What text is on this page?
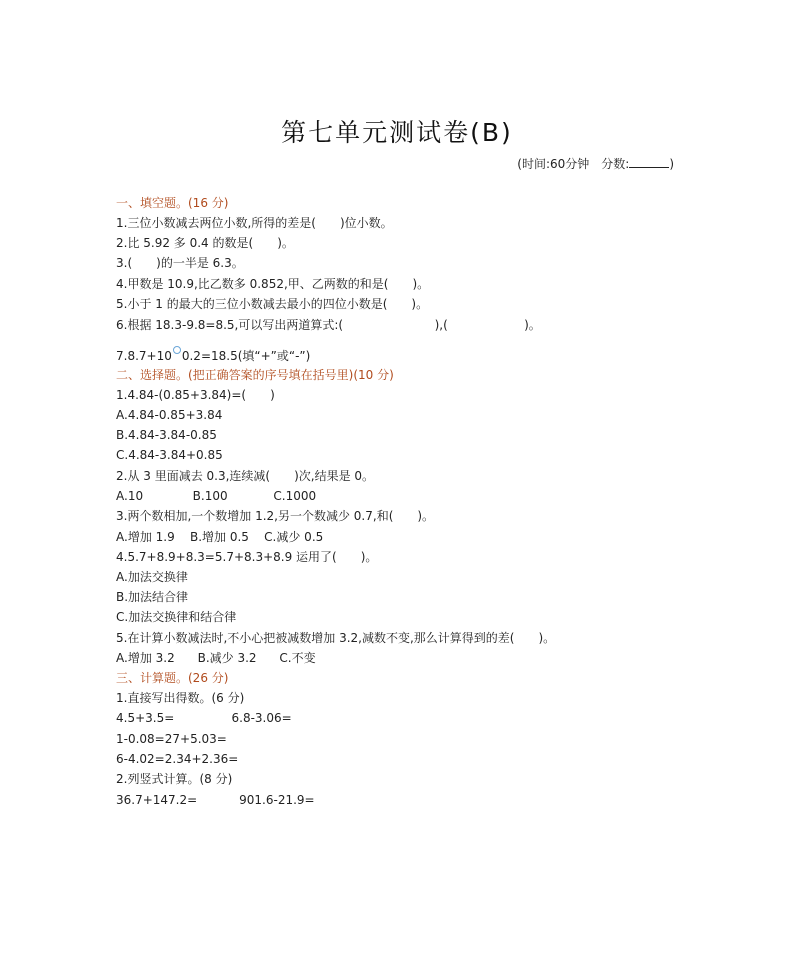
第七单元测试卷(B)
(时间:60分钟　分数:	)
一、填空题。(16 分)
1.三位小数减去两位小数,所得的差是(　　)位小数。
2.比 5.92 多 0.4 的数是(　　)。
3.(　　)的一半是 6.3。
4.甲数是 10.9,比乙数多 0.852,甲、乙两数的和是(　　)。
5.小于 1 的最大的三位小数减去最小的四位小数是(　　)。
6.根据 18.3-9.8=8.5,可以写出两道算式:(                        ),(                    )。
7.8.7+10 0.2=18.5(填“+”或“-”)
二、选择题。(把正确答案的序号填在括号里)(10 分)
1.4.84-(0.85+3.84)=(　　)
A.4.84-0.85+3.84
B.4.84-3.84-0.85
C.4.84-3.84+0.85
2.从 3 里面减去 0.3,连续减(　　)次,结果是 0。
A.10             B.100            C.1000
3.两个数相加,一个数增加 1.2,另一个数减少 0.7,和(　　)。
A.增加 1.9    B.增加 0.5    C.减少 0.5
4.5.7+8.9+8.3=5.7+8.3+8.9 运用了(　　)。
A.加法交换律
B.加法结合律
C.加法交换律和结合律
5.在计算小数减法时,不小心把被减数增加 3.2,减数不变,那么计算得到的差(　　)。
A.增加 3.2      B.减少 3.2      C.不变
三、计算题。(26 分)
1.直接写出得数。(6 分)
4.5+3.5=               6.8-3.06=
1-0.08=27+5.03=
6-4.02=2.34+2.36=
2.列竖式计算。(8 分)
36.7+147.2=           901.6-21.9=
